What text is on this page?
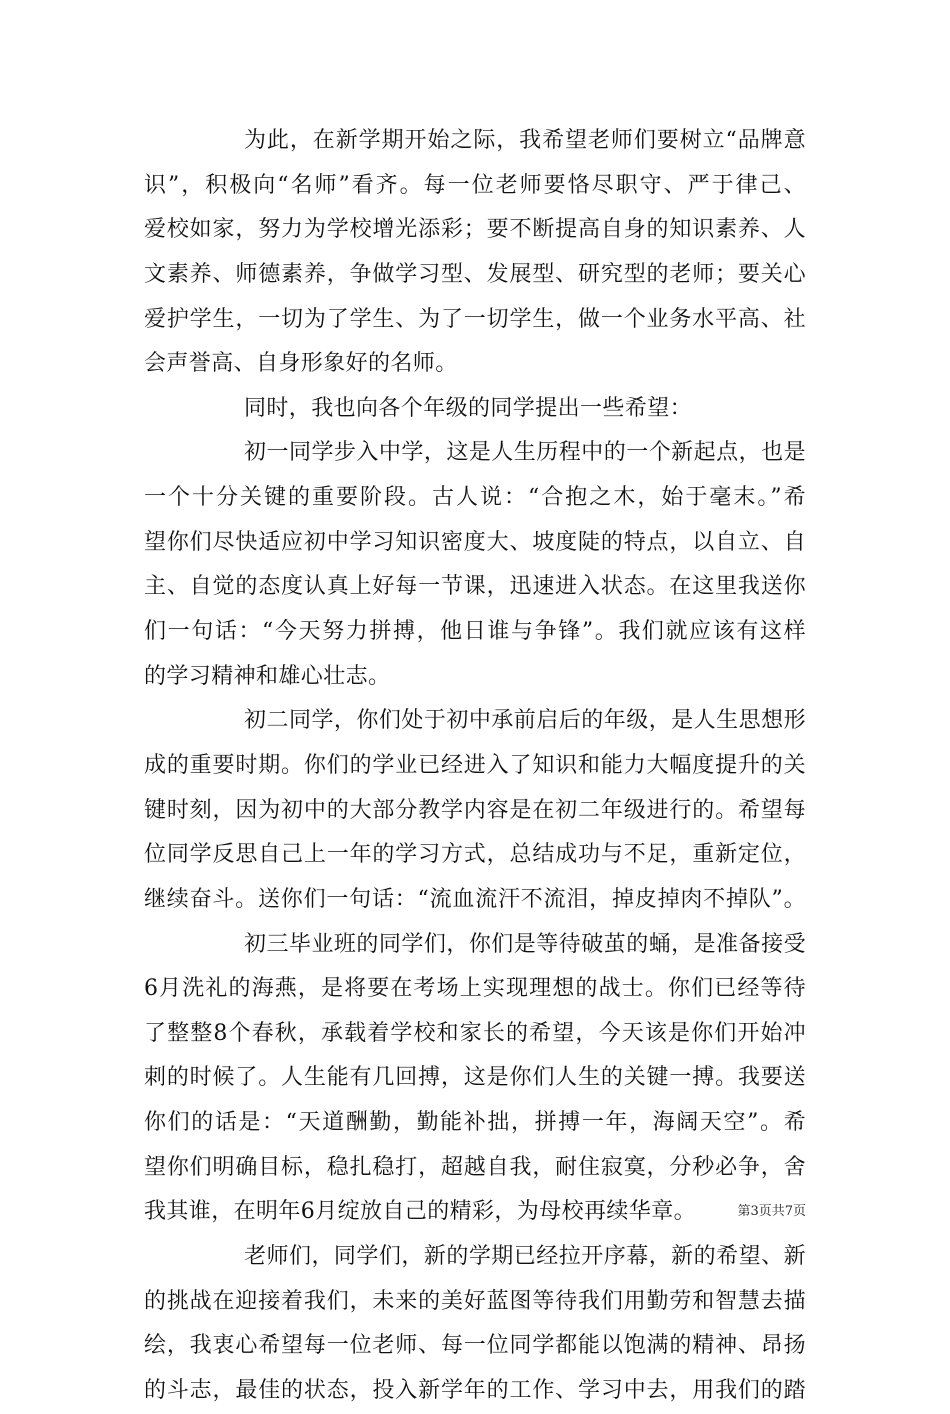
为此，在新学期开始之际，我希望老师们要树立“品牌意
识”，积极向“名师”看齐。每一位老师要恪尽职守、严于律己、
爱校如家，努力为学校增光添彩；要不断提高自身的知识素养、人
文素养、师德素养，争做学习型、发展型、研究型的老师；要关心
爱护学生，一切为了学生、为了一切学生，做一个业务水平高、社
会声誉高、自身形象好的名师。

同时，我也向各个年级的同学提出一些希望：

初一同学步入中学，这是人生历程中的一个新起点，也是
一个十分关键的重要阶段。古人说：“合抱之木，始于毫末。”希
望你们尽快适应初中学习知识密度大、坡度陡的特点，以自立、自
主、自觉的态度认真上好每一节课，迅速进入状态。在这里我送你
们一句话：“今天努力拼搏，他日谁与争锋”。我们就应该有这样
的学习精神和雄心壮志。

初二同学，你们处于初中承前启后的年级，是人生思想形
成的重要时期。你们的学业已经进入了知识和能力大幅度提升的关
键时刻，因为初中的大部分教学内容是在初二年级进行的。希望每
位同学反思自己上一年的学习方式，总结成功与不足，重新定位，
继续奋斗。送你们一句话：“流血流汗不流泪，掉皮掉肉不掉队”。

初三毕业班的同学们，你们是等待破茧的蛹，是准备接受
6月洗礼的海燕，是将要在考场上实现理想的战士。你们已经等待
了整整8个春秋，承载着学校和家长的希望，今天该是你们开始冲
刺的时候了。人生能有几回搏，这是你们人生的关键一搏。我要送
你们的话是：“天道酬勤，勤能补拙，拼搏一年，海阔天空”。希
望你们明确目标，稳扎稳打，超越自我，耐住寂寞，分秒必争，舍
我其谁，在明年6月绽放自己的精彩，为母校再续华章。

老师们，同学们，新的学期已经拉开序幕，新的希望、新
的挑战在迎接着我们，未来的美好蓝图等待我们用勤劳和智慧去描
绘，我衷心希望每一位老师、每一位同学都能以饱满的精神、昂扬
的斗志，最佳的状态，投入新学年的工作、学习中去，用我们的踏

第3页共7页
